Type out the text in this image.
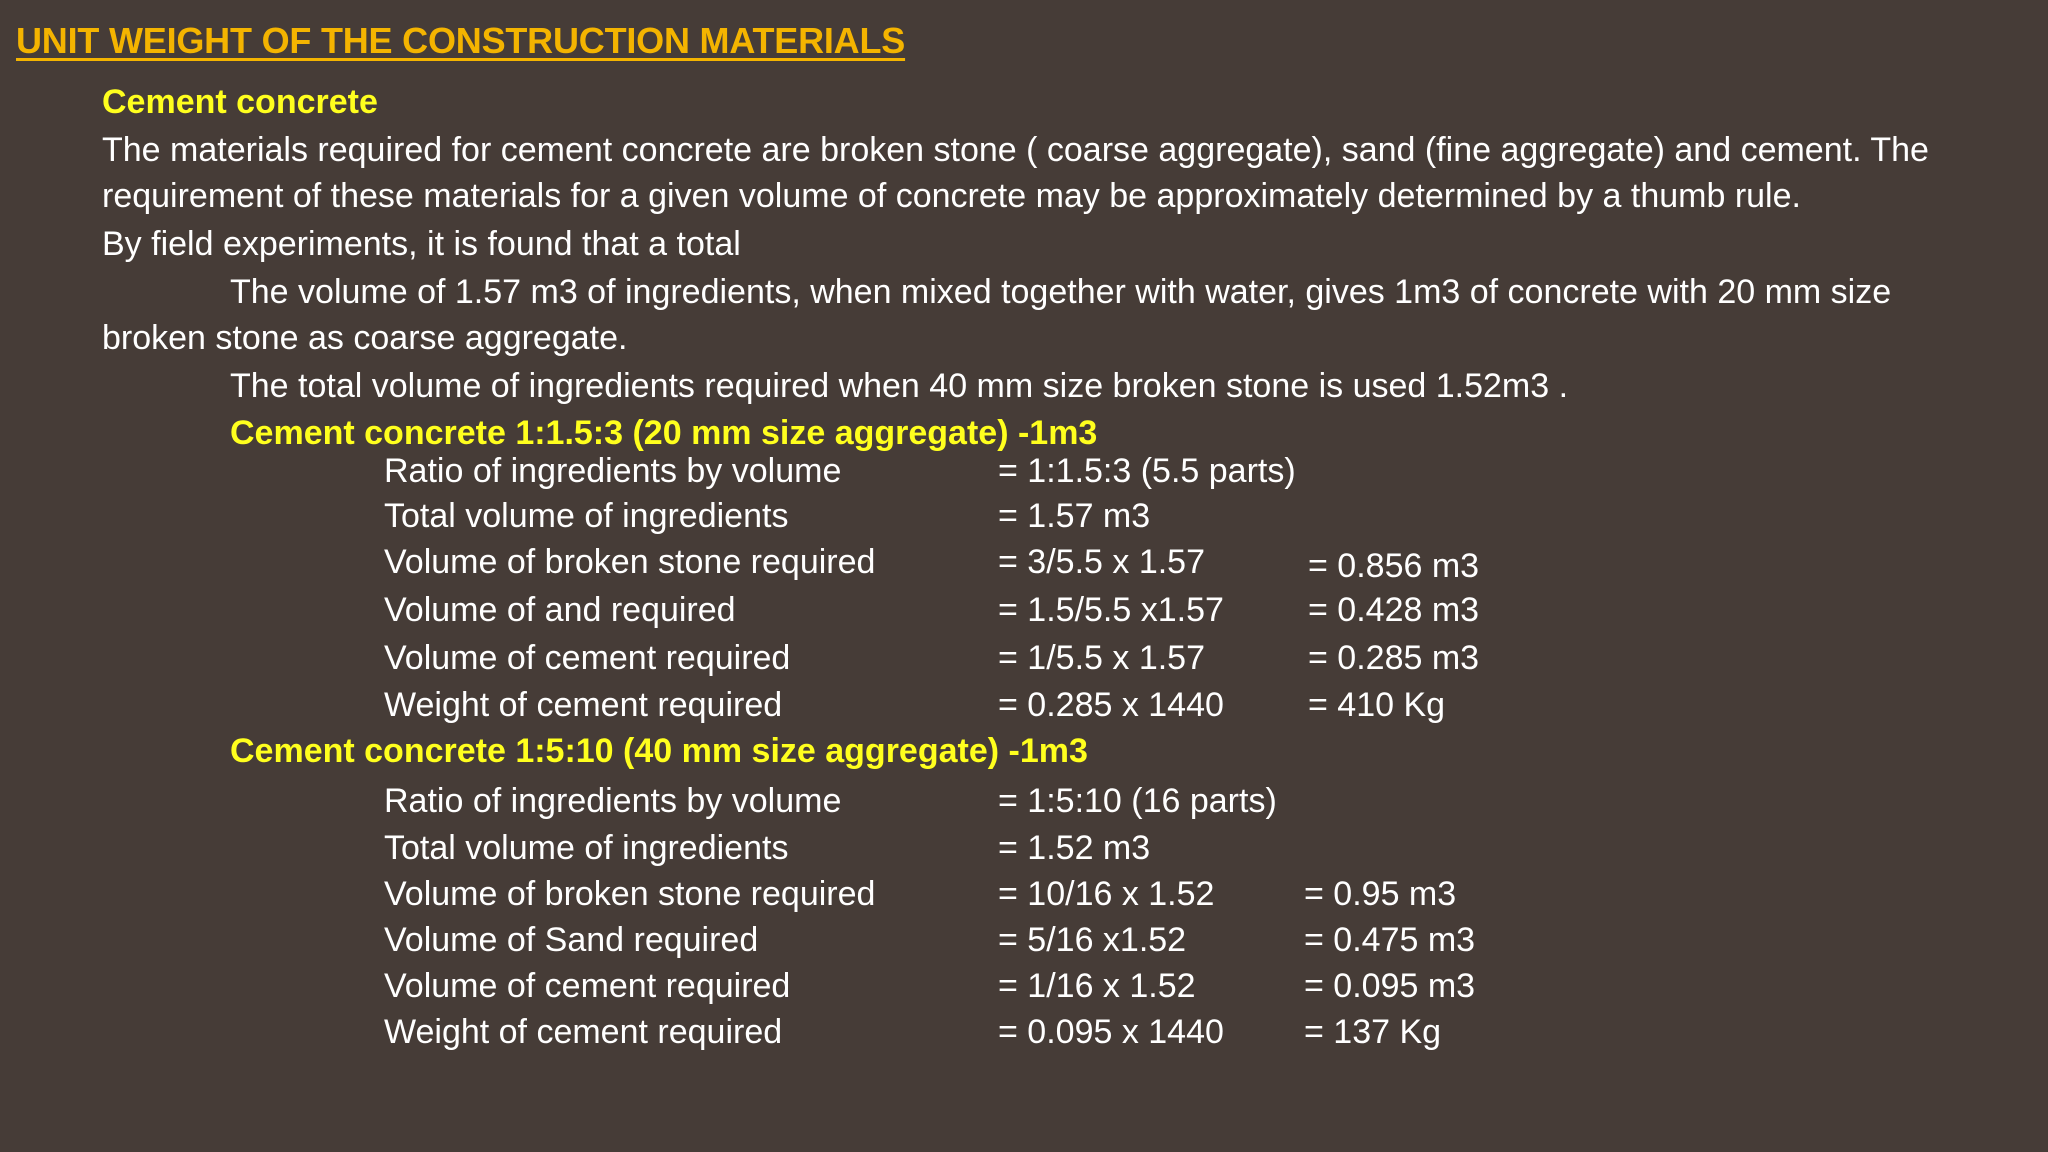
UNIT WEIGHT OF THE CONSTRUCTION MATERIALS
Cement concrete
The materials required for cement concrete are broken stone ( coarse aggregate), sand (fine aggregate) and cement. The
requirement of these materials for a given volume of concrete may be approximately determined by a thumb rule.
By field experiments, it is found that a total
The volume of 1.57 m3 of ingredients, when mixed together with water, gives 1m3 of concrete with 20 mm size
broken stone as coarse aggregate.
The total volume of ingredients required when 40 mm size broken stone is used 1.52m3 .
Cement concrete 1:1.5:3 (20 mm size aggregate) -1m3
Ratio of ingredients by volume	= 1:1.5:3 (5.5 parts)
Total volume of ingredients	= 1.57 m3
Volume of broken stone required	= 3/5.5 x 1.57	= 0.856 m3
Volume of and required	= 1.5/5.5 x1.57 = 0.428 m3
Volume of cement required	= 1/5.5 x 1.57	= 0.285 m3
Weight of cement required	= 0.285 x 1440 = 410 Kg
Cement concrete 1:5:10 (40 mm size aggregate) -1m3
Ratio of ingredients by volume	= 1:5:10 (16 parts)
Total volume of ingredients	= 1.52 m3
Volume of broken stone required	= 10/16 x 1.52	= 0.95 m3
Volume of Sand required	= 5/16 x1.52	= 0.475 m3
Volume of cement required	= 1/16 x 1.52	= 0.095 m3
Weight of cement required	= 0.095 x 1440 = 137 Kg
